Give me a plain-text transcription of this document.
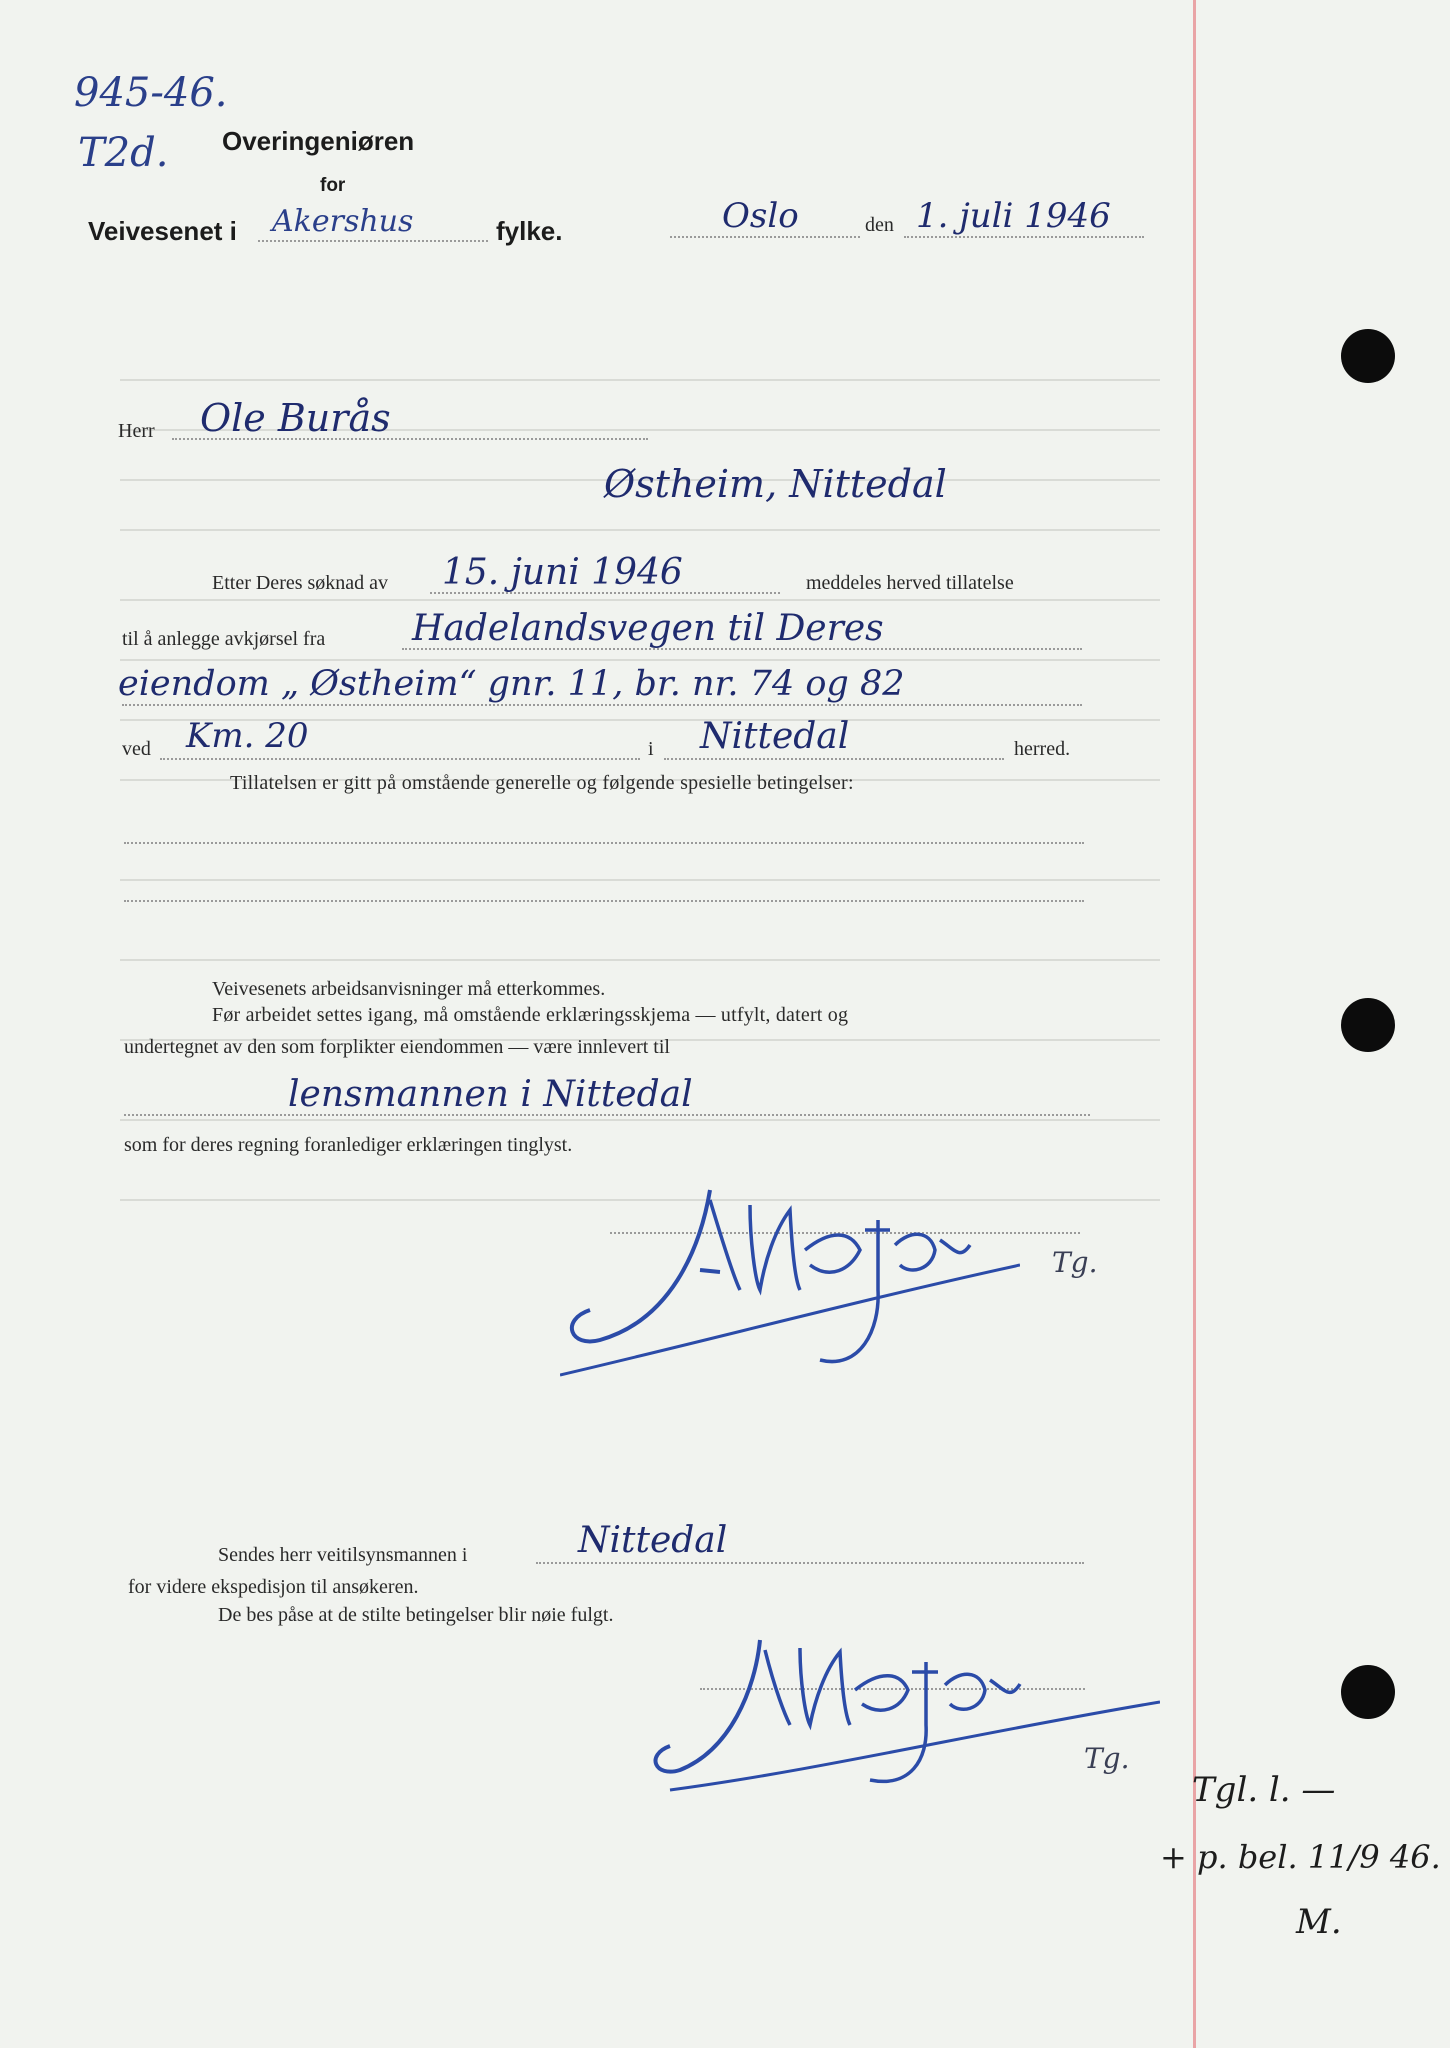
945-46.
T2d. Overingeniøren
for
Veivesenet i Akershus	fylke.	Oslo	den 1. juli 1946
Herr Ole Burås
Østheim, Nittedal
Etter Deres søknad av 15. juni 1946	meddeles herved tillatelse
til å anlegge avkjørsel fra Hadelandsvegen til Deres
eiendom „ Østheim“ gnr. 11, br. nr. 74 og 82
ved Km. 20	i Nittedal	herred.
Tillatelsen er gitt på omstående generelle og følgende spesielle betingelser:
Veivesenets arbeidsanvisninger må etterkommes.
Før arbeidet settes igang, må omstående erklæringsskjema — utfylt, datert og
undertegnet av den som forplikter eiendommen — være innlevert til
lensmannen i Nittedal
som for deres regning foranlediger erklæringen tinglyst.
Tg.
Sendes herr veitilsynsmannen i	Nittedal
for videre ekspedisjon til ansøkeren.
De bes påse at de stilte betingelser blir nøie fulgt.
Tg.
Tgl. l. —
+ p. bel. 11/9 46.
M.
